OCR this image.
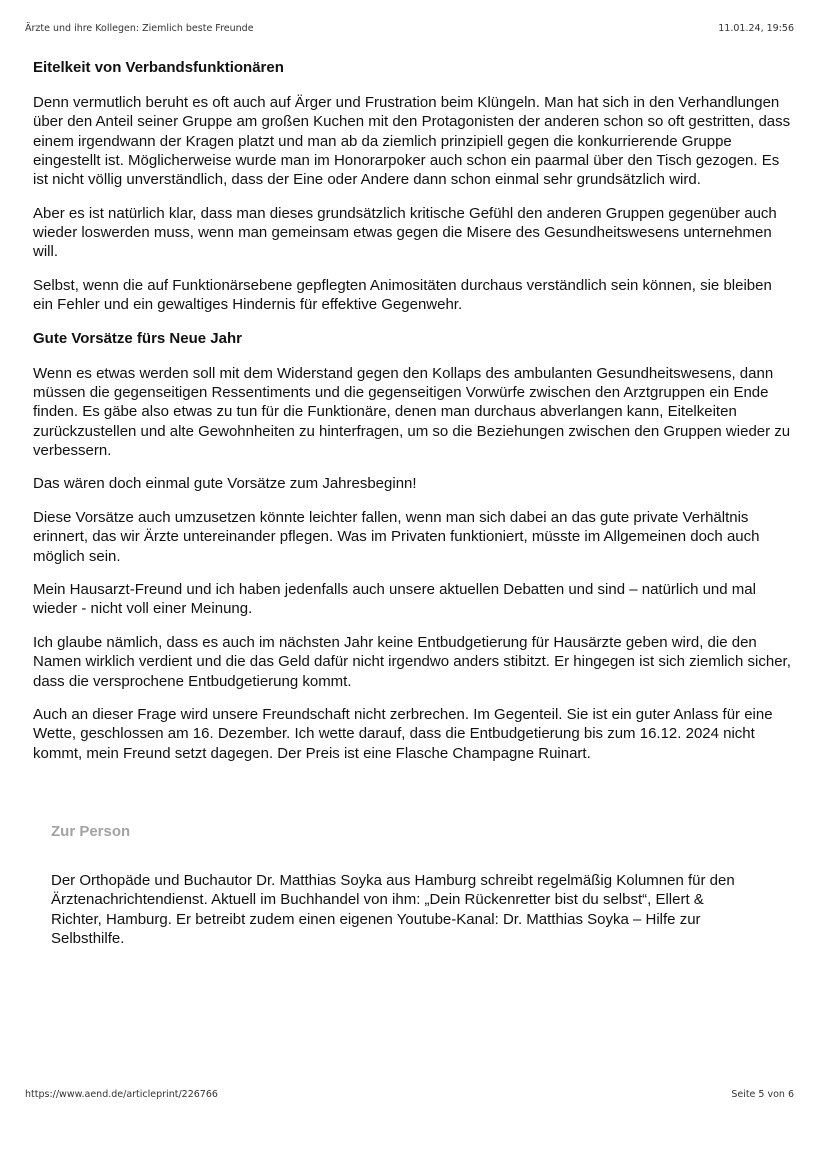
Ärzte und ihre Kollegen: Ziemlich beste Freunde	11.01.24, 19:56
Eitelkeit von Verbandsfunktionären

Denn vermutlich beruht es oft auch auf Ärger und Frustration beim Klüngeln. Man hat sich in den Verhandlungen über den Anteil seiner Gruppe am großen Kuchen mit den Protagonisten der anderen schon so oft gestritten, dass einem irgendwann der Kragen platzt und man ab da ziemlich prinzipiell gegen die konkurrierende Gruppe eingestellt ist. Möglicherweise wurde man im Honorarpoker auch schon ein paarmal über den Tisch gezogen. Es ist nicht völlig unverständlich, dass der Eine oder Andere dann schon einmal sehr grundsätzlich wird.

Aber es ist natürlich klar, dass man dieses grundsätzlich kritische Gefühl den anderen Gruppen gegenüber auch wieder loswerden muss, wenn man gemeinsam etwas gegen die Misere des Gesundheitswesens unternehmen will.

Selbst, wenn die auf Funktionärsebene gepflegten Animositäten durchaus verständlich sein können, sie bleiben ein Fehler und ein gewaltiges Hindernis für effektive Gegenwehr.

Gute Vorsätze fürs Neue Jahr

Wenn es etwas werden soll mit dem Widerstand gegen den Kollaps des ambulanten Gesundheitswesens, dann müssen die gegenseitigen Ressentiments und die gegenseitigen Vorwürfe zwischen den Arztgruppen ein Ende finden. Es gäbe also etwas zu tun für die Funktionäre, denen man durchaus abverlangen kann, Eitelkeiten zurückzustellen und alte Gewohnheiten zu hinterfragen, um so die Beziehungen zwischen den Gruppen wieder zu verbessern.

Das wären doch einmal gute Vorsätze zum Jahresbeginn!

Diese Vorsätze auch umzusetzen könnte leichter fallen, wenn man sich dabei an das gute private Verhältnis erinnert, das wir Ärzte untereinander pflegen. Was im Privaten funktioniert, müsste im Allgemeinen doch auch möglich sein.

Mein Hausarzt-Freund und ich haben jedenfalls auch unsere aktuellen Debatten und sind – natürlich und mal wieder - nicht voll einer Meinung.

Ich glaube nämlich, dass es auch im nächsten Jahr keine Entbudgetierung für Hausärzte geben wird, die den Namen wirklich verdient und die das Geld dafür nicht irgendwo anders stibitzt. Er hingegen ist sich ziemlich sicher, dass die versprochene Entbudgetierung kommt.

Auch an dieser Frage wird unsere Freundschaft nicht zerbrechen. Im Gegenteil. Sie ist ein guter Anlass für eine Wette, geschlossen am 16. Dezember. Ich wette darauf, dass die Entbudgetierung bis zum 16.12. 2024 nicht kommt, mein Freund setzt dagegen. Der Preis ist eine Flasche Champagne Ruinart.

Zur Person

Der Orthopäde und Buchautor Dr. Matthias Soyka aus Hamburg schreibt regelmäßig Kolumnen für den Ärztenachrichtendienst. Aktuell im Buchhandel von ihm: „Dein Rückenretter bist du selbst“, Ellert & Richter, Hamburg. Er betreibt zudem einen eigenen Youtube-Kanal: Dr. Matthias Soyka – Hilfe zur Selbsthilfe.

https://www.aend.de/articleprint/226766	Seite 5 von 6
